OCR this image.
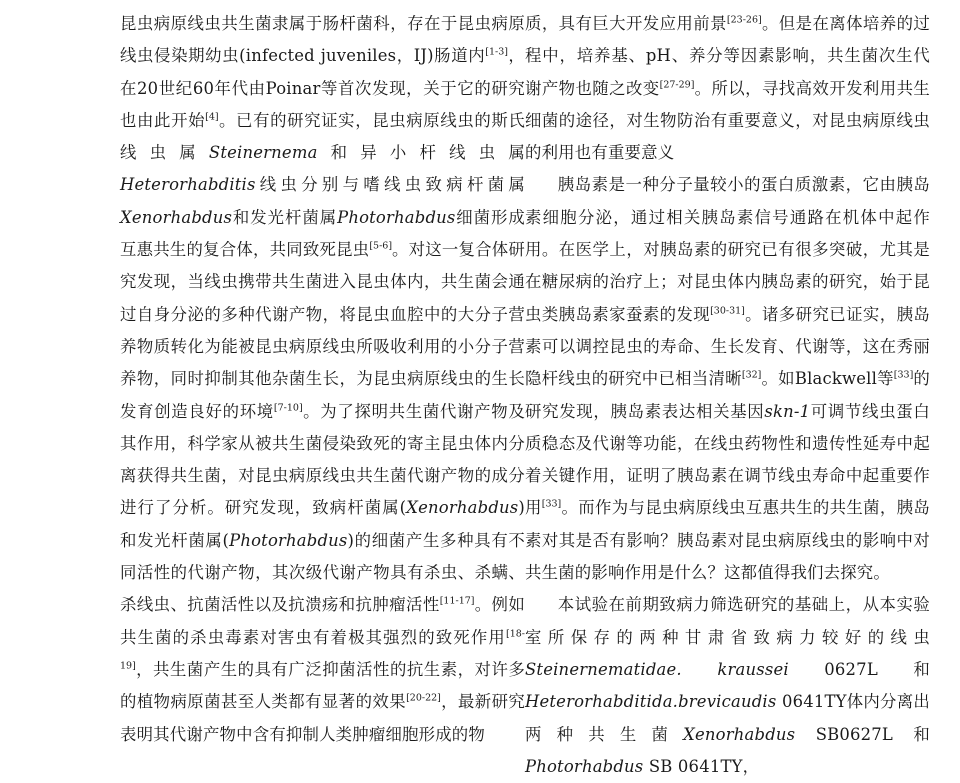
昆虫病原线虫共生菌隶属于肠杆菌科，存在于昆虫病原线虫侵染期幼虫(infected juveniles，IJ)肠道内[1-3]，在20世纪60年代由Poinar等首次发现，关于它的研究也由此开始[4]。已有的研究证实，昆虫病原线虫的斯氏线虫属Steinernema和异小杆线虫属Heterorhabditis线虫分别与嗜线虫致病杆菌属Xenorhabdus和发光杆菌属Photorhabdus细菌形成互惠共生的复合体，共同致死昆虫[5-6]。对这一复合体研究发现，当线虫携带共生菌进入昆虫体内，共生菌会通过自身分泌的多种代谢产物，将昆虫血腔中的大分子营养物质转化为能被昆虫病原线虫所吸收利用的小分子营养物，同时抑制其他杂菌生长，为昆虫病原线虫的生长发育创造良好的环境[7-10]。为了探明共生菌代谢产物及其作用，科学家从被共生菌侵染致死的寄主昆虫体内分离获得共生菌，对昆虫病原线虫共生菌代谢产物的成分进行了分析。研究发现，致病杆菌属(Xenorhabdus)和发光杆菌属(Photorhabdus)的细菌产生多种具有不同活性的代谢产物，其次级代谢产物具有杀虫、杀螨、杀线虫、抗菌活性以及抗溃疡和抗肿瘤活性[11-17]。例如共生菌的杀虫毒素对害虫有着极其强烈的致死作用[18-19]，共生菌产生的具有广泛抑菌活性的抗生素，对许多的植物病原菌甚至人类都有显著的效果[20-22]，最新研究表明其代谢产物中含有抑制人类肿瘤细胞形成的物

质，具有巨大开发应用前景[23-26]。但是在离体培养的过程中，培养基、pH、养分等因素影响，共生菌次生代谢产物也随之改变[27-29]。所以，寻找高效开发利用共生细菌的途径，对生物防治有重要意义，对昆虫病原线虫的利用也有重要意义

胰岛素是一种分子量较小的蛋白质激素，它由胰岛素细胞分泌，通过相关胰岛素信号通路在机体中起作用。在医学上，对胰岛素的研究已有很多突破，尤其是在糖尿病的治疗上；对昆虫体内胰岛素的研究，始于昆虫类胰岛素家蚕素的发现[30-31]。诸多研究已证实，胰岛素可以调控昆虫的寿命、生长发育、代谢等，这在秀丽隐杆线虫的研究中已相当清晰[32]。如Blackwell等[33]的研究发现，胰岛素表达相关基因skn-1可调节线虫蛋白质稳态及代谢等功能，在线虫药物性和遗传性延寿中起着关键作用，证明了胰岛素在调节线虫寿命中起重要作用[33]。而作为与昆虫病原线虫互惠共生的共生菌，胰岛素对其是否有影响？胰岛素对昆虫病原线虫的影响中对共生菌的影响作用是什么？这都值得我们去探究。

本试验在前期致病力筛选研究的基础上，从本实验室所保存的两种甘肃省致病力较好的线虫Steinernematidae. kraussei 0627L 和 Heterorhabditida.brevicaudis 0641TY体内分离出两种共生菌Xenorhabdus SB0627L 和 Photorhabdus SB 0641TY，
